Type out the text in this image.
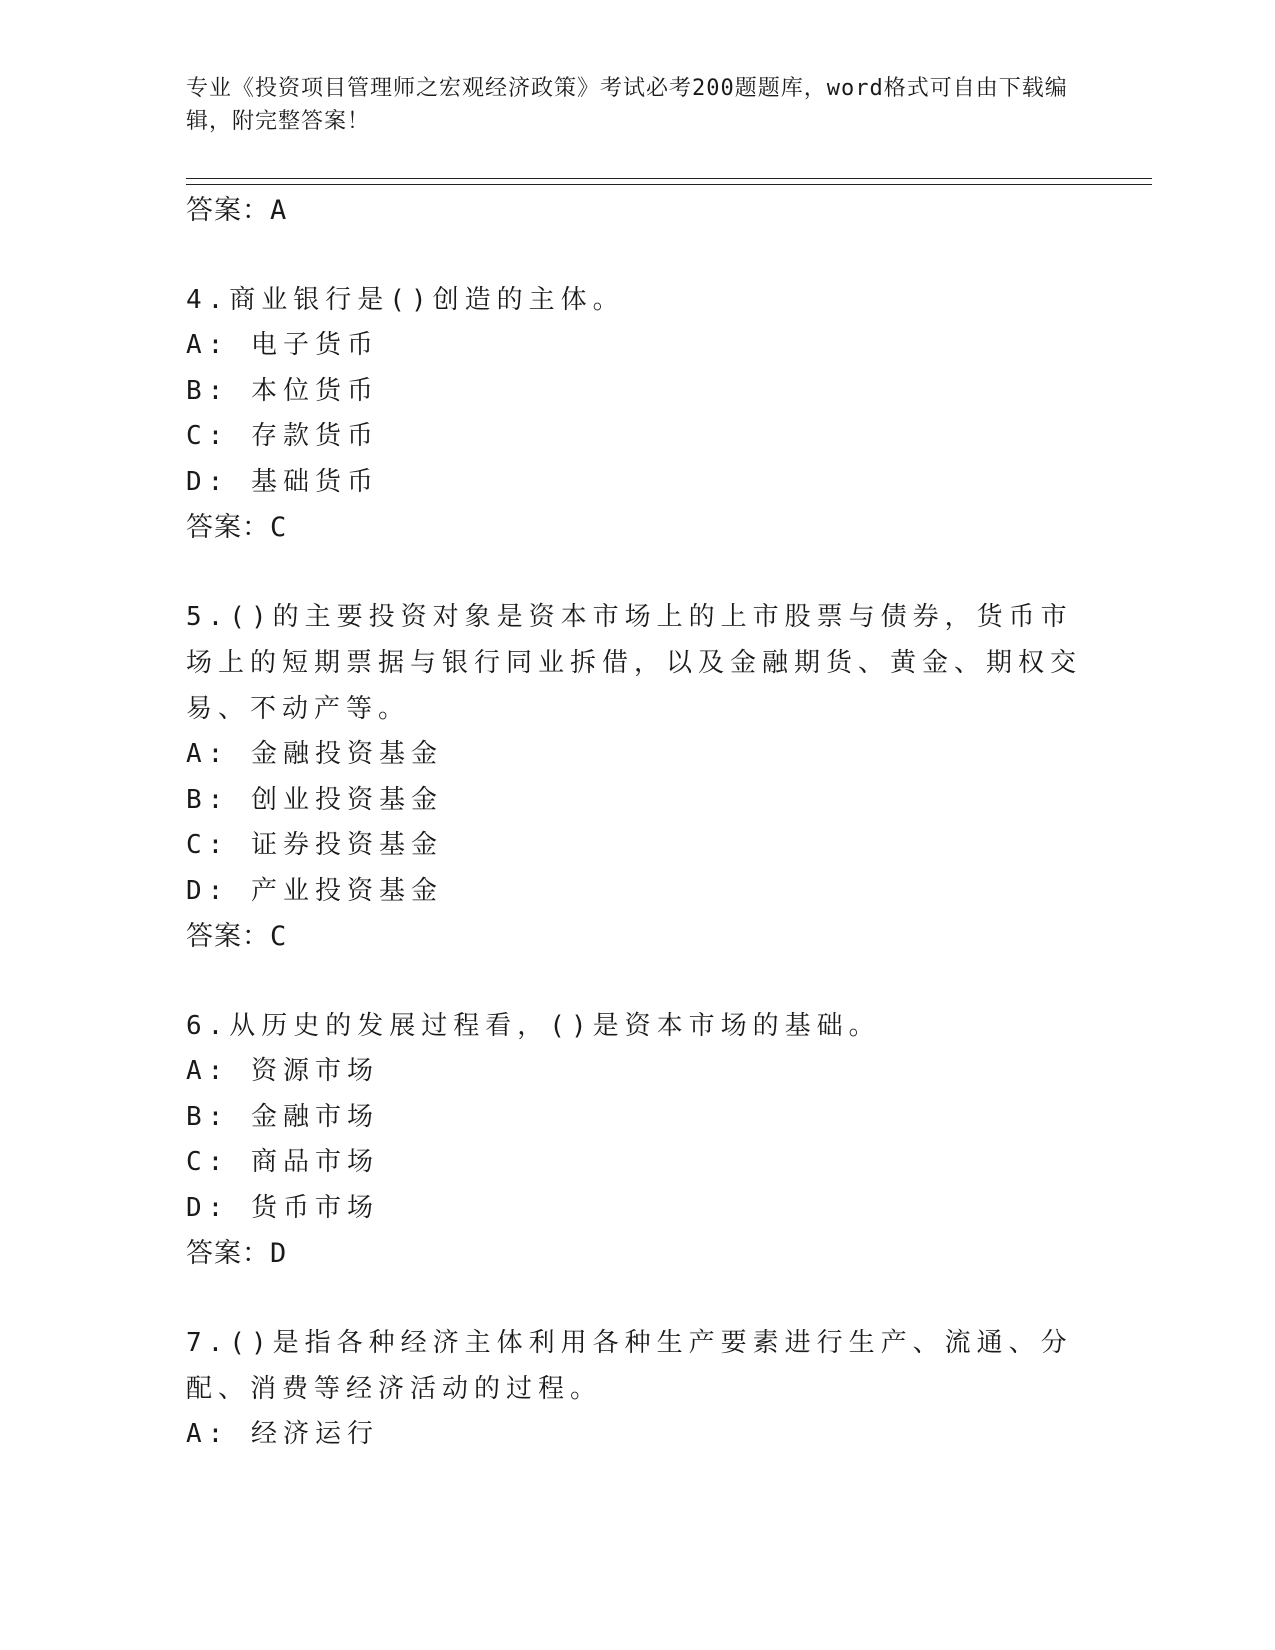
专业《投资项目管理师之宏观经济政策》考试必考200题题库，word格式可自由下载编辑，附完整答案！

答案：A

4.商业银行是()创造的主体。

A: 电子货币

B: 本位货币

C: 存款货币

D: 基础货币

答案：C

5.()的主要投资对象是资本市场上的上市股票与债券，货币市场上的短期票据与银行同业拆借，以及金融期货、黄金、期权交易、不动产等。

A: 金融投资基金

B: 创业投资基金

C: 证券投资基金

D: 产业投资基金

答案：C

6.从历史的发展过程看，()是资本市场的基础。

A: 资源市场

B: 金融市场

C: 商品市场

D: 货币市场

答案：D

7.()是指各种经济主体利用各种生产要素进行生产、流通、分配、消费等经济活动的过程。

A: 经济运行
